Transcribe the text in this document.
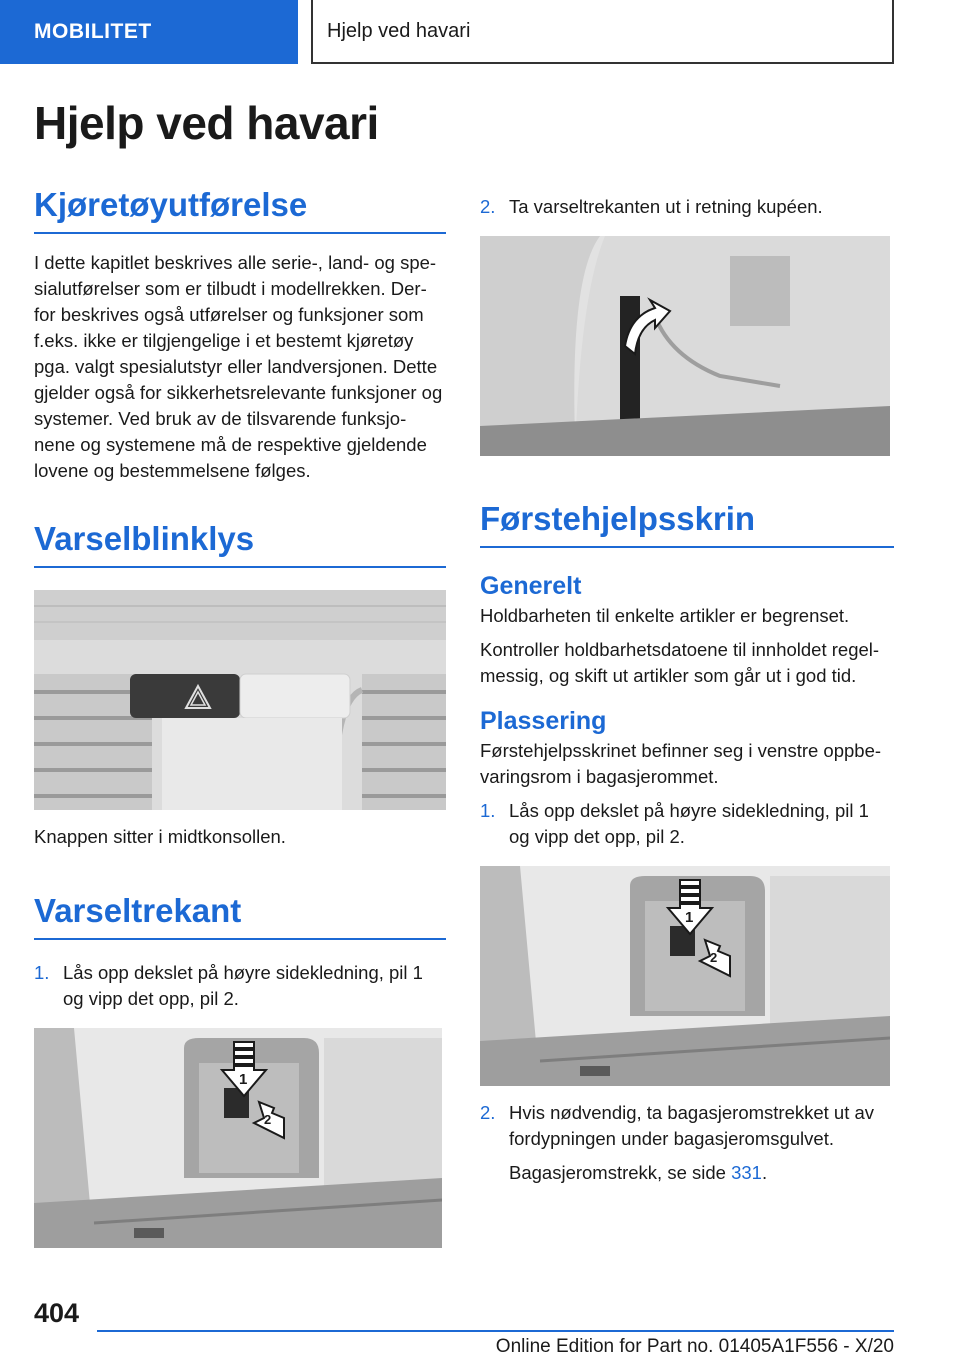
MOBILITET	Hjelp ved havari
Hjelp ved havari
Kjøretøyutførelse

I dette kapitlet beskrives alle serie-, land- og spe-sialutførelser som er tilbudt i modellrekken. Der-for beskrives også utførelser og funksjoner som f.eks. ikke er tilgjengelige i et bestemt kjøretøy pga. valgt spesialutstyr eller landversjonen. Dette gjelder også for sikkerhetsrelevante funksjoner og systemer. Ved bruk av de tilsvarende funksjo-nene og systemene må de respektive gjeldende lovene og bestemmelsene følges.

Varselblinklys

Knappen sitter i midtkonsollen.

Varseltrekant
1. Lås opp dekslet på høyre sidekledning, pil 1 og vipp det opp, pil 2.
1
2
2. Ta varseltrekanten ut i retning kupéen.
Førstehjelpsskrin
Generelt

Holdbarheten til enkelte artikler er begrenset.

Kontroller holdbarhetsdatoene til innholdet regel-messig, og skift ut artikler som går ut i god tid.

Plassering

Førstehjelpsskrinet befinner seg i venstre oppbe-varingsrom i bagasjerommet.

1. Lås opp dekslet på høyre sidekledning, pil 1 og vipp det opp, pil 2.
1
2
2. Hvis nødvendig, ta bagasjeromstrekket ut av fordypningen under bagasjeromsgulvet.

Bagasjeromstrekk, se side 331.

404
Online Edition for Part no. 01405A1F556 - X/20
